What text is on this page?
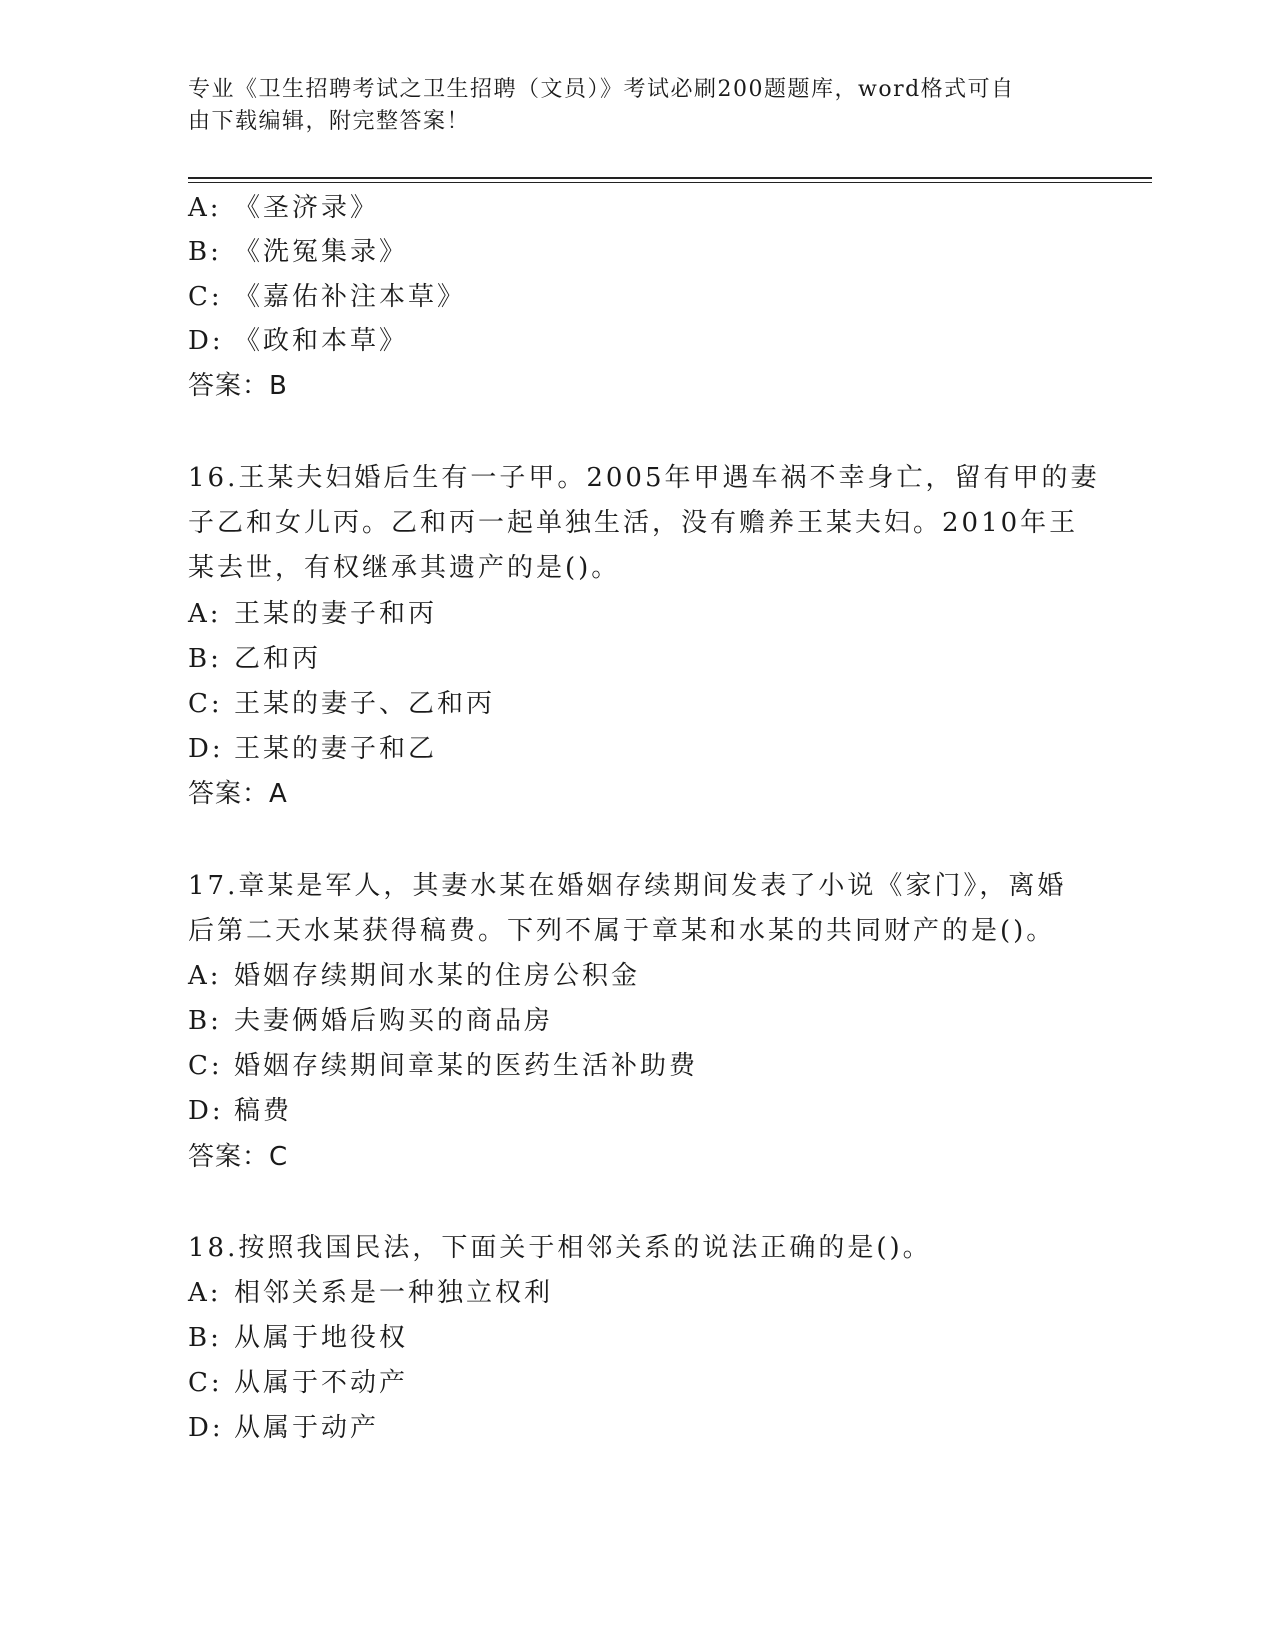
专业《卫生招聘考试之卫生招聘（文员）》考试必刷200题题库，word格式可自
由下载编辑，附完整答案！
A: 《圣济录》
B: 《洗冤集录》
C: 《嘉佑补注本草》
D: 《政和本草》
答案：B
16.王某夫妇婚后生有一子甲。2005年甲遇车祸不幸身亡，留有甲的妻
子乙和女儿丙。乙和丙一起单独生活，没有赡养王某夫妇。2010年王
某去世，有权继承其遗产的是()。
A: 王某的妻子和丙
B: 乙和丙
C: 王某的妻子、乙和丙
D: 王某的妻子和乙
答案：A
17.章某是军人，其妻水某在婚姻存续期间发表了小说《家门》，离婚
后第二天水某获得稿费。下列不属于章某和水某的共同财产的是()。
A: 婚姻存续期间水某的住房公积金
B: 夫妻俩婚后购买的商品房
C: 婚姻存续期间章某的医药生活补助费
D: 稿费
答案：C
18.按照我国民法，下面关于相邻关系的说法正确的是()。
A: 相邻关系是一种独立权利
B: 从属于地役权
C: 从属于不动产
D: 从属于动产
